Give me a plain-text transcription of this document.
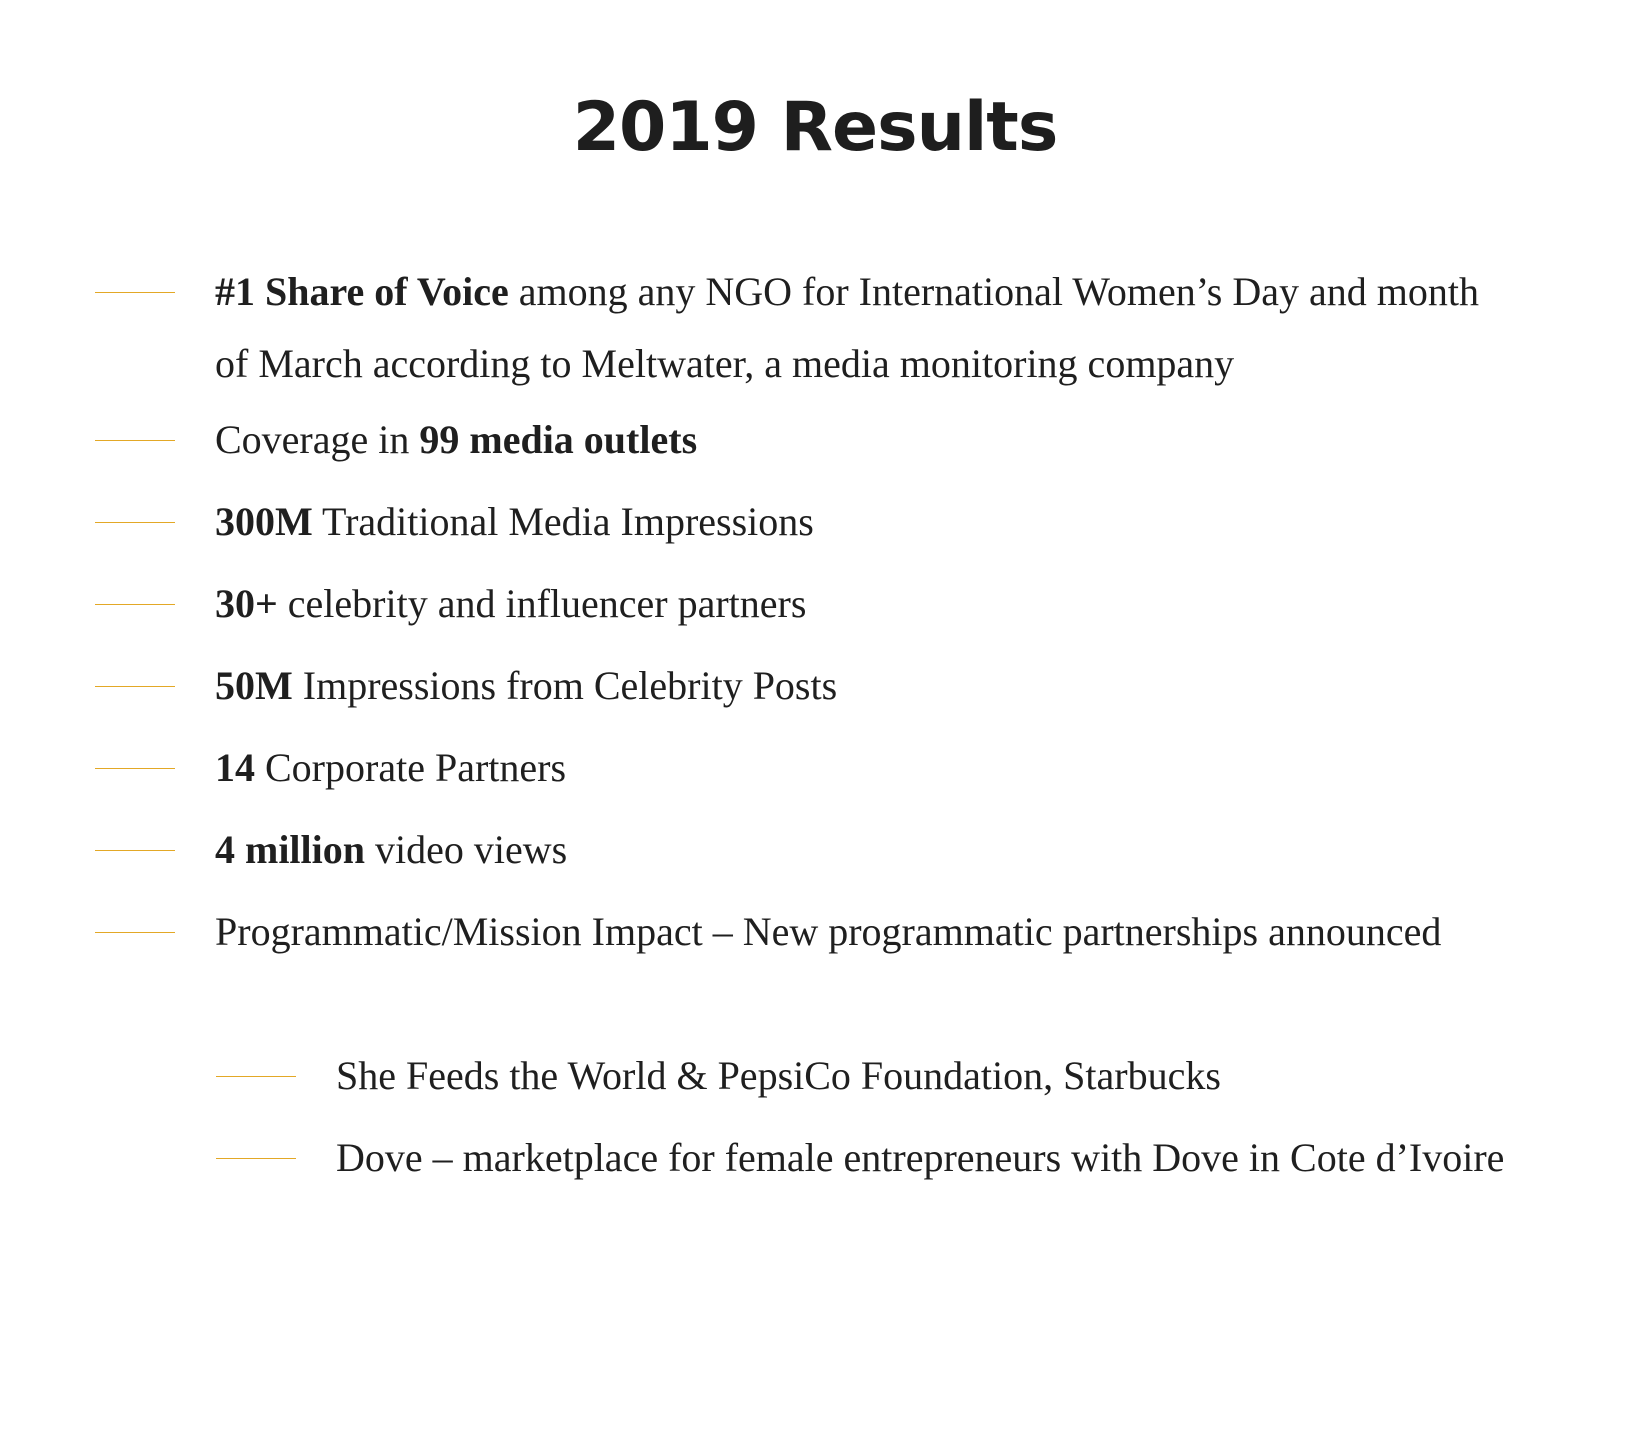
2019 Results
#1 Share of Voice among any NGO for International Women’s Day and month of March according to Meltwater, a media monitoring company
Coverage in 99 media outlets
300M Traditional Media Impressions
30+ celebrity and influencer partners
50M Impressions from Celebrity Posts
14 Corporate Partners
4 million video views
Programmatic/Mission Impact – New programmatic partnerships announced
She Feeds the World & PepsiCo Foundation, Starbucks
Dove – marketplace for female entrepreneurs with Dove in Cote d’Ivoire
